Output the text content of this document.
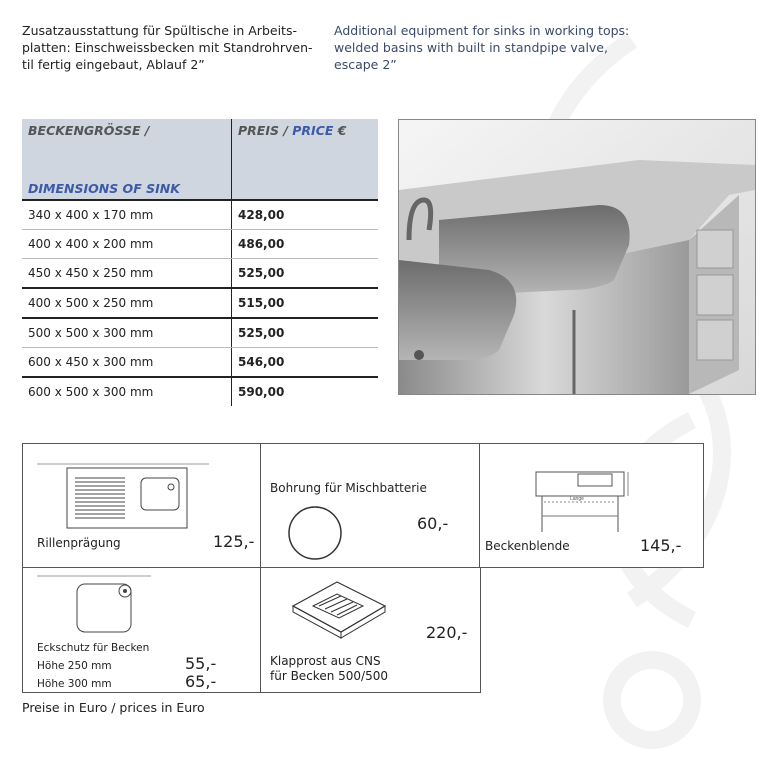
Zusatzausstattung für Spültische in Arbeits-platten: Einschweissbecken mit Standrohrven-til fertig eingebaut, Ablauf 2”
Additional equipment for sinks in working tops: welded basins with built in standpipe valve, escape 2”
BECKENGRÖSSE /
DIMENSIONS OF SINK	PREIS / PRICE €
340 x 400 x 170 mm	428,00
400 x 400 x 200 mm	486,00
450 x 450 x 250 mm	525,00
400 x 500 x 250 mm	515,00
500 x 500 x 300 mm	525,00
600 x 450 x 300 mm	546,00
600 x 500 x 300 mm	590,00
Rillenprägung	125,-
Bohrung für Mischbatterie
60,-
Länge
Beckenblende	145,-
Eckschutz für Becken
Höhe 250 mm	55,-
Höhe 300 mm	65,-
220,-
Klapprost aus CNS
für Becken 500/500
Preise in Euro / prices in Euro
